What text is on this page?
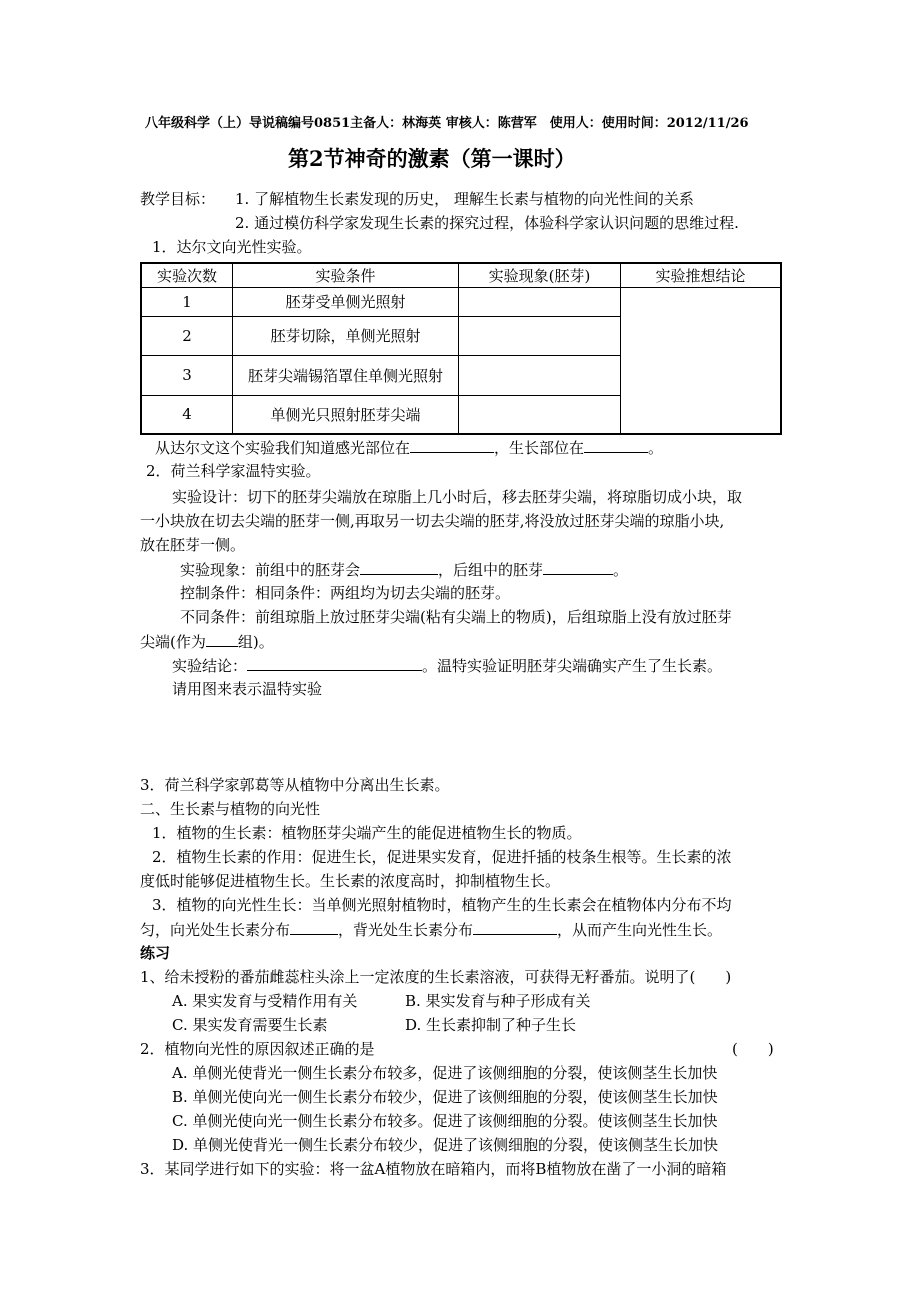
八年级科学（上）导说稿编号0851主备人：林海英 审核人：陈营军　使用人：使用时间：2012/11/26
第2节神奇的激素（第一课时）
教学目标： 1. 了解植物生长素发现的历史， 理解生长素与植物的向光性间的关系
2. 通过模仿科学家发现生长素的探究过程，体验科学家认识问题的思维过程.
1．达尔文向光性实验。
实验次数	实验条件	实验现象(胚芽)	实验推想结论
1	胚芽受单侧光照射		
2	胚芽切除，单侧光照射		
3	胚芽尖端锡箔罩住单侧光照射		
4	单侧光只照射胚芽尖端		
从达尔文这个实验我们知道感光部位在	，生长部位在	。
2．荷兰科学家温特实验。
实验设计：切下的胚芽尖端放在琼脂上几小时后，移去胚芽尖端，将琼脂切成小块，取
一小块放在切去尖端的胚芽一侧,再取另一切去尖端的胚芽,将没放过胚芽尖端的琼脂小块,
放在胚芽一侧。
实验现象：前组中的胚芽会	，后组中的胚芽	。
控制条件：相同条件：两组均为切去尖端的胚芽。
不同条件：前组琼脂上放过胚芽尖端(粘有尖端上的物质)，后组琼脂上没有放过胚芽
尖端(作为 组)。
实验结论：	。温特实验证明胚芽尖端确实产生了生长素。
请用图来表示温特实验
3．荷兰科学家郭葛等从植物中分离出生长素。
二、生长素与植物的向光性
1．植物的生长素：植物胚芽尖端产生的能促进植物生长的物质。
2．植物生长素的作用：促进生长，促进果实发育，促进扦插的枝条生根等。生长素的浓
度低时能够促进植物生长。生长素的浓度高时，抑制植物生长。
3．植物的向光性生长：当单侧光照射植物时，植物产生的生长素会在植物体内分布不均
匀，向光处生长素分布	，背光处生长素分布	，从而产生向光性生长。
练习
1、给未授粉的番茄雌蕊柱头涂上一定浓度的生长素溶液，可获得无籽番茄。说明了(　　)
A. 果实发育与受精作用有关	B. 果实发育与种子形成有关
C. 果实发育需要生长素	D. 生长素抑制了种子生长
2．植物向光性的原因叙述正确的是	(　　)
A. 单侧光使背光一侧生长素分布较多，促进了该侧细胞的分裂，使该侧茎生长加快
B. 单侧光使向光一侧生长素分布较少，促进了该侧细胞的分裂，使该侧茎生长加快
C. 单侧光使向光一侧生长素分布较多。促进了该侧细胞的分裂。使该侧茎生长加快
D. 单侧光使背光一侧生长素分布较少，促进了该侧细胞的分裂，使该侧茎生长加快
3．某同学进行如下的实验：将一盆A植物放在暗箱内，而将B植物放在凿了一小洞的暗箱
